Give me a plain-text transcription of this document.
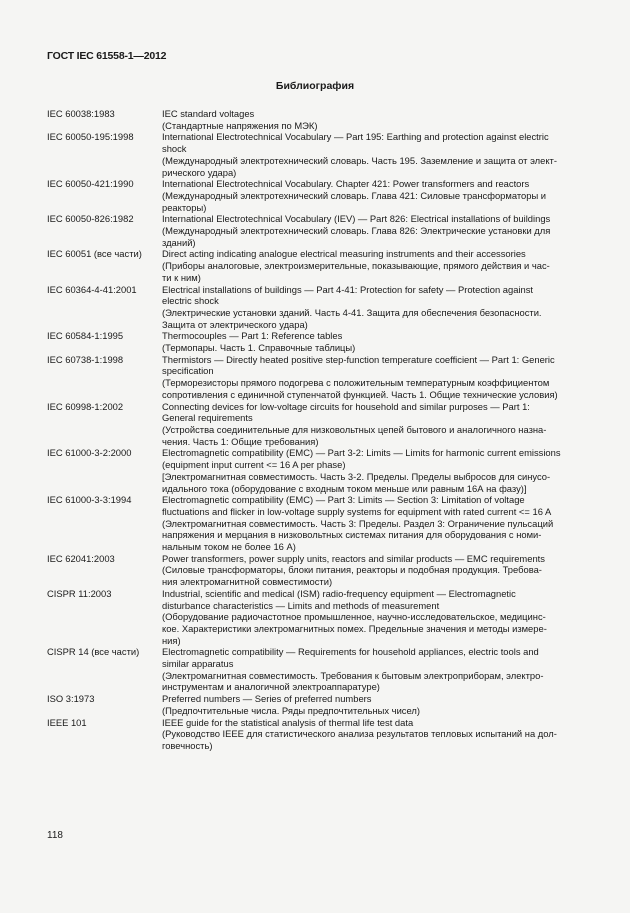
ГОСТ IEC 61558-1—2012
Библиография
IEC 60038:1983	IEC standard voltages
(Стандартные напряжения по МЭК)
IEC 60050-195:1998	International Electrotechnical Vocabulary — Part 195: Earthing and protection against electric
shock
(Международный электротехнический словарь. Часть 195. Заземление и защита от элект-
рического удара)
IEC 60050-421:1990	International Electrotechnical Vocabulary. Chapter 421: Power transformers and reactors
(Международный электротехнический словарь. Глава 421: Силовые трансформаторы и
реакторы)
IEC 60050-826:1982	International Electrotechnical Vocabulary (IEV) — Part 826: Electrical installations of buildings
(Международный электротехнический словарь. Глава 826: Электрические установки для
зданий)
IEC 60051 (все части)	Direct acting indicating analogue electrical measuring instruments and their accessories
(Приборы аналоговые, электроизмерительные, показывающие, прямого действия и час-
ти к ним)
IEC 60364-4-41:2001	Electrical installations of buildings — Part 4-41: Protection for safety — Protection against
electric shock
(Электрические установки зданий. Часть 4-41. Защита для обеспечения безопасности.
Защита от электрического удара)
IEC 60584-1:1995	Thermocouples — Part 1: Reference tables
(Термопары. Часть 1. Справочные таблицы)
IEC 60738-1:1998	Thermistors — Directly heated positive step-function temperature coefficient — Part 1: Generic
specification
(Терморезисторы прямого подогрева с положительным температурным коэффициентом
сопротивления с единичной ступенчатой функцией. Часть 1. Общие технические условия)
IEC 60998-1:2002	Connecting devices for low-voltage circuits for household and similar purposes — Part 1:
General requirements
(Устройства соединительные для низковольтных цепей бытового и аналогичного назна-
чения. Часть 1: Общие требования)
IEC 61000-3-2:2000	Electromagnetic compatibility (EMC) — Part 3-2: Limits — Limits for harmonic current emissions
(equipment input current <= 16 A per phase)
[Электромагнитная совместимость. Часть 3-2. Пределы. Пределы выбросов для синусо-
идального тока (оборудование с входным током меньше или равным 16А на фазу)]
IEC 61000-3-3:1994	Electromagnetic compatibility (EMC) — Part 3: Limits — Section 3: Limitation of voltage
fluctuations and flicker in low-voltage supply systems for equipment with rated current <= 16 A
(Электромагнитная совместимость. Часть 3: Пределы. Раздел 3: Ограничение пульсаций
напряжения и мерцания в низковольтных системах питания для оборудования с номи-
нальным током не более 16 А)
IEC 62041:2003	Power transformers, power supply units, reactors and similar products — EMC requirements
(Силовые трансформаторы, блоки питания, реакторы и подобная продукция. Требова-
ния электромагнитной совместимости)
CISPR 11:2003	Industrial, scientific and medical (ISM) radio-frequency equipment — Electromagnetic
disturbance characteristics — Limits and methods of measurement
(Оборудование радиочастотное промышленное, научно-исследовательское, медицинс-
кое. Характеристики электромагнитных помех. Предельные значения и методы измере-
ния)
CISPR 14 (все части)	Electromagnetic compatibility — Requirements for household appliances, electric tools and
similar apparatus
(Электромагнитная совместимость. Требования к бытовым электроприборам, электро-
инструментам и аналогичной электроаппаратуре)
ISO 3:1973	Preferred numbers — Series of preferred numbers
(Предпочтительные числа. Ряды предпочтительных чисел)
IEEE 101	IEEE guide for the statistical analysis of thermal life test data
(Руководство IEEE для статистического анализа результатов тепловых испытаний на дол-
говечность)
118
